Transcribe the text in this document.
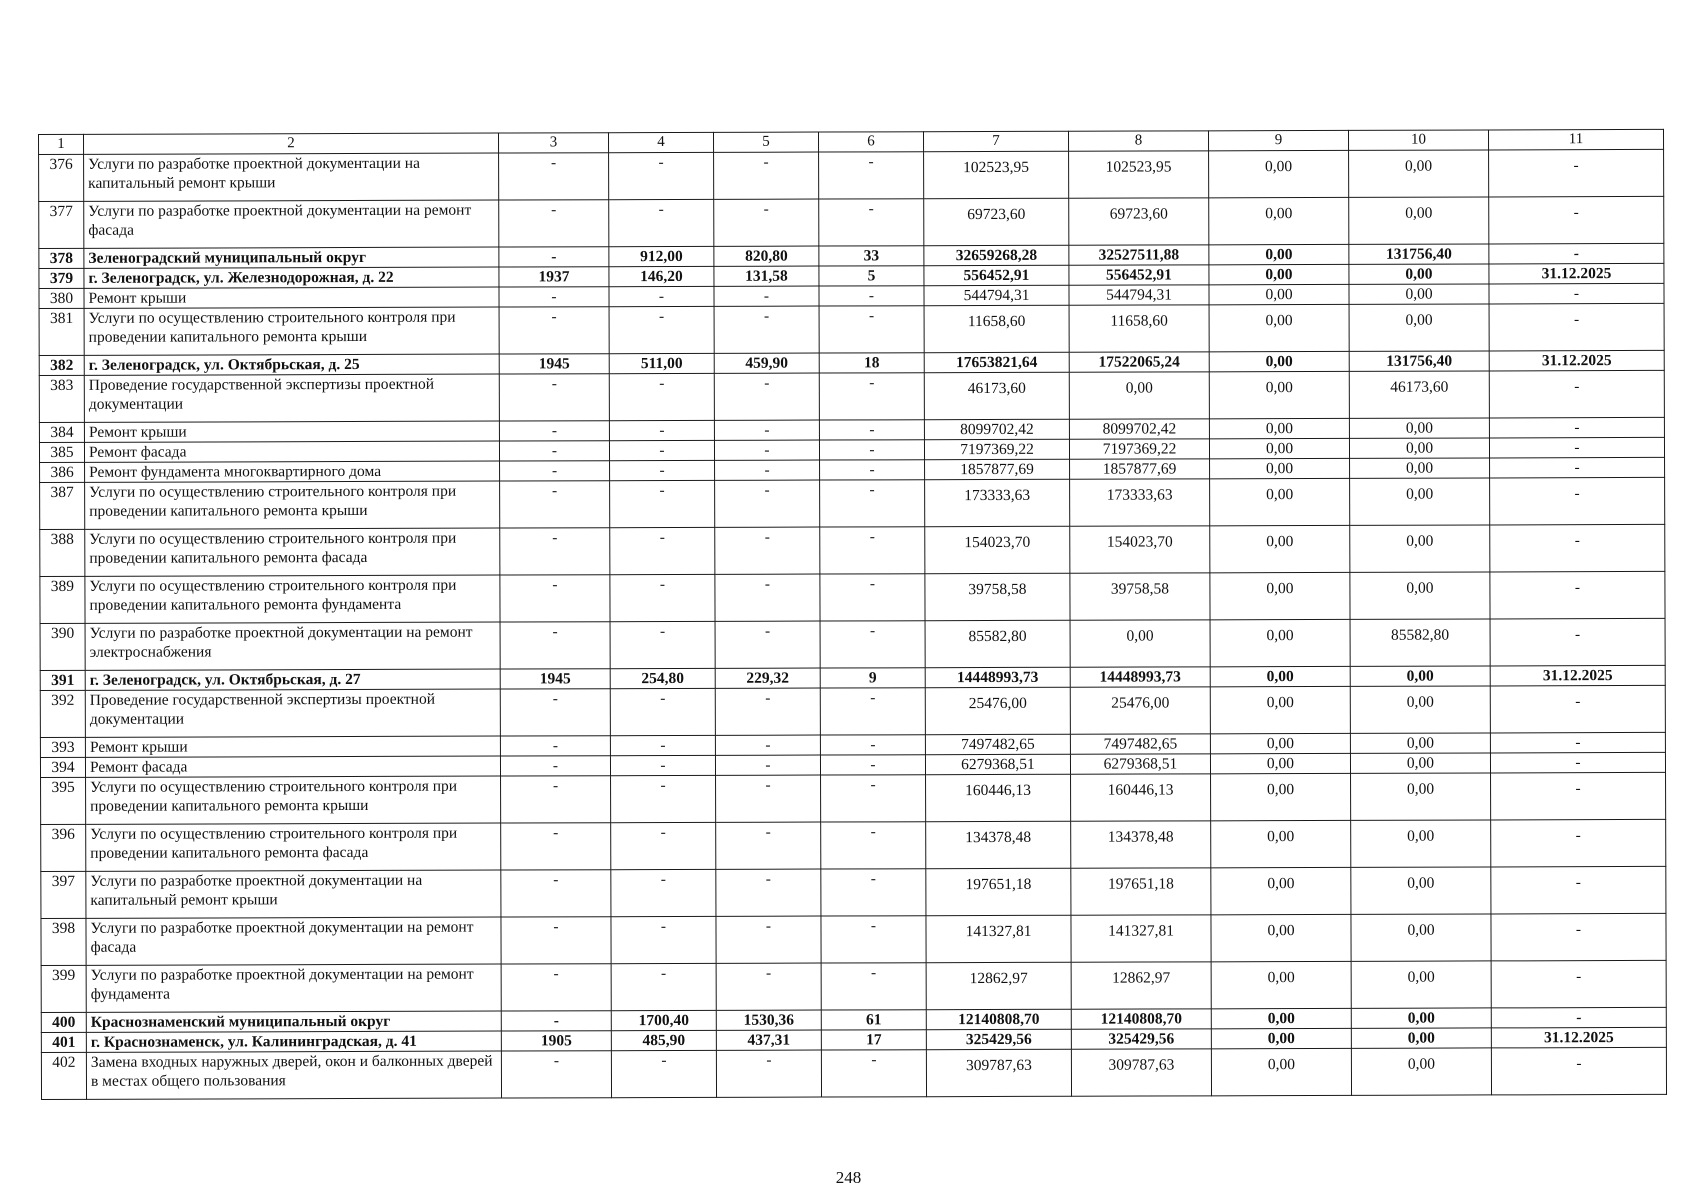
1	2	3	4	5	6	7	8	9	10	11
376	Услуги по разработке проектной документации на капитальный ремонт крыши	-	-	-	-	102523,95	102523,95	0,00	0,00	-
377	Услуги по разработке проектной документации на ремонт фасада	-	-	-	-	69723,60	69723,60	0,00	0,00	-
378	Зеленоградский муниципальный округ	-	912,00	820,80	33	32659268,28	32527511,88	0,00	131756,40	-
379	г. Зеленоградск, ул. Железнодорожная, д. 22	1937	146,20	131,58	5	556452,91	556452,91	0,00	0,00	31.12.2025
380	Ремонт крыши	-	-	-	-	544794,31	544794,31	0,00	0,00	-
381	Услуги по осуществлению строительного контроля при проведении капитального ремонта крыши	-	-	-	-	11658,60	11658,60	0,00	0,00	-
382	г. Зеленоградск, ул. Октябрьская, д. 25	1945	511,00	459,90	18	17653821,64	17522065,24	0,00	131756,40	31.12.2025
383	Проведение государственной экспертизы проектной документации	-	-	-	-	46173,60	0,00	0,00	46173,60	-
384	Ремонт крыши	-	-	-	-	8099702,42	8099702,42	0,00	0,00	-
385	Ремонт фасада	-	-	-	-	7197369,22	7197369,22	0,00	0,00	-
386	Ремонт фундамента многоквартирного дома	-	-	-	-	1857877,69	1857877,69	0,00	0,00	-
387	Услуги по осуществлению строительного контроля при проведении капитального ремонта крыши	-	-	-	-	173333,63	173333,63	0,00	0,00	-
388	Услуги по осуществлению строительного контроля при проведении капитального ремонта фасада	-	-	-	-	154023,70	154023,70	0,00	0,00	-
389	Услуги по осуществлению строительного контроля при проведении капитального ремонта фундамента	-	-	-	-	39758,58	39758,58	0,00	0,00	-
390	Услуги по разработке проектной документации на ремонт электроснабжения	-	-	-	-	85582,80	0,00	0,00	85582,80	-
391	г. Зеленоградск, ул. Октябрьская, д. 27	1945	254,80	229,32	9	14448993,73	14448993,73	0,00	0,00	31.12.2025
392	Проведение государственной экспертизы проектной документации	-	-	-	-	25476,00	25476,00	0,00	0,00	-
393	Ремонт крыши	-	-	-	-	7497482,65	7497482,65	0,00	0,00	-
394	Ремонт фасада	-	-	-	-	6279368,51	6279368,51	0,00	0,00	-
395	Услуги по осуществлению строительного контроля при проведении капитального ремонта крыши	-	-	-	-	160446,13	160446,13	0,00	0,00	-
396	Услуги по осуществлению строительного контроля при проведении капитального ремонта фасада	-	-	-	-	134378,48	134378,48	0,00	0,00	-
397	Услуги по разработке проектной документации на капитальный ремонт крыши	-	-	-	-	197651,18	197651,18	0,00	0,00	-
398	Услуги по разработке проектной документации на ремонт фасада	-	-	-	-	141327,81	141327,81	0,00	0,00	-
399	Услуги по разработке проектной документации на ремонт фундамента	-	-	-	-	12862,97	12862,97	0,00	0,00	-
400	Краснознаменский муниципальный округ	-	1700,40	1530,36	61	12140808,70	12140808,70	0,00	0,00	-
401	г. Краснознаменск, ул. Калининградская, д. 41	1905	485,90	437,31	17	325429,56	325429,56	0,00	0,00	31.12.2025
402	Замена входных наружных дверей, окон и балконных дверей в местах общего пользования	-	-	-	-	309787,63	309787,63	0,00	0,00	-
248
